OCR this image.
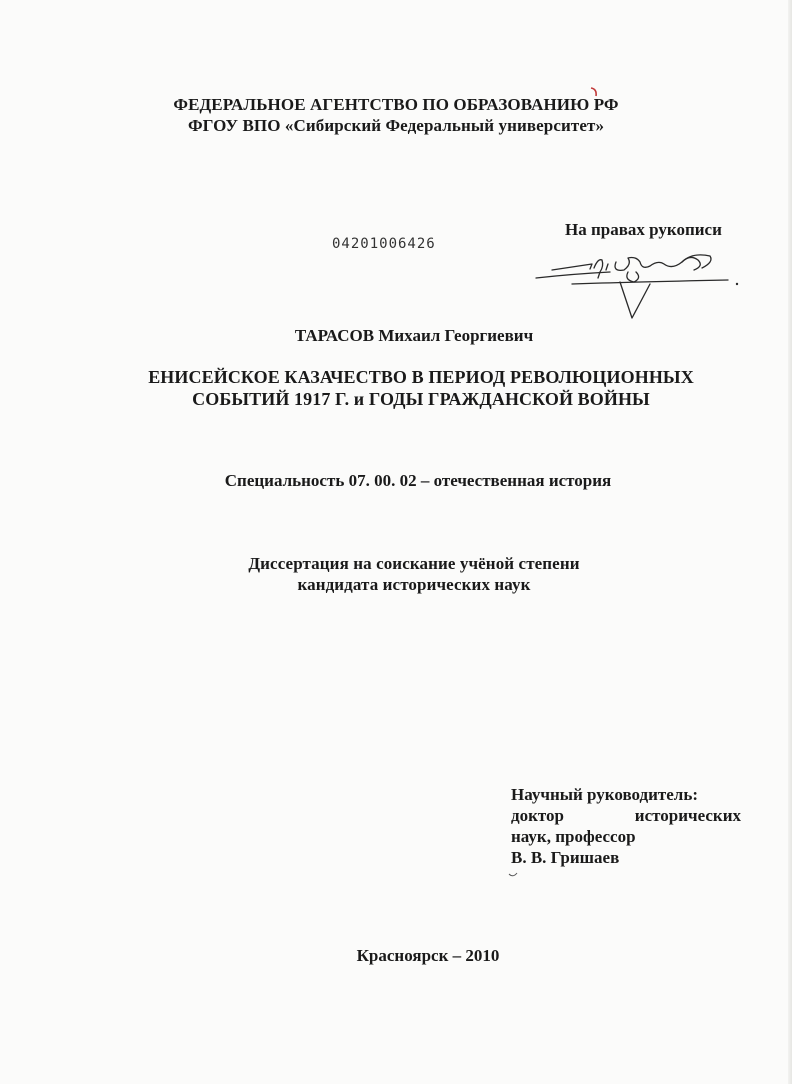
ФЕДЕРАЛЬНОЕ АГЕНТСТВО ПО ОБРАЗОВАНИЮ РФ
ФГОУ ВПО «Сибирский Федеральный университет»
На правах рукописи
04201006426
ТАРАСОВ Михаил Георгиевич
ЕНИСЕЙСКОЕ КАЗАЧЕСТВО В ПЕРИОД РЕВОЛЮЦИОННЫХ
СОБЫТИЙ 1917 Г. и ГОДЫ ГРАЖДАНСКОЙ ВОЙНЫ
Специальность 07. 00. 02 – отечественная история
Диссертация на соискание учёной степени
кандидата исторических наук
Научный руководитель:
доктор	исторических
наук, профессор
В. В. Гришаев
Красноярск – 2010
